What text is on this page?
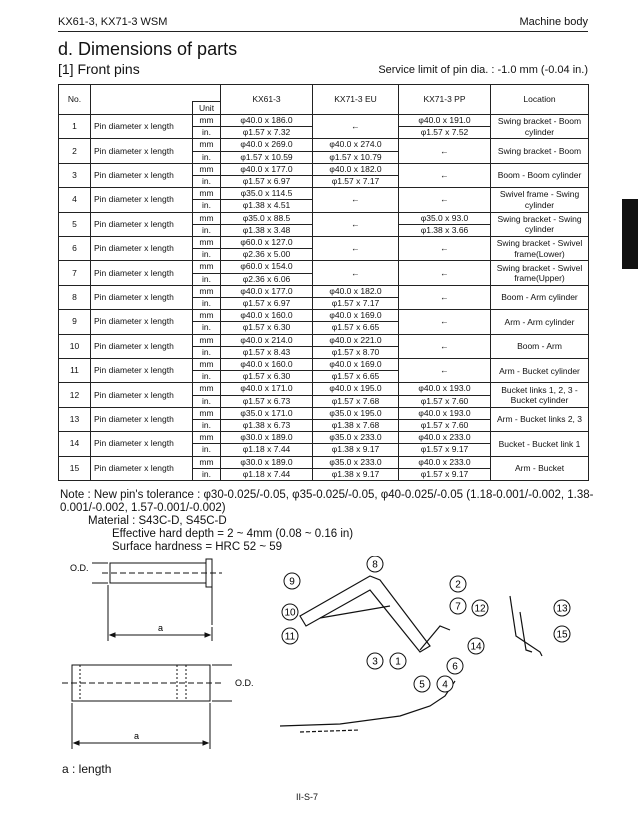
KX61-3, KX71-3 WSM	Machine body
d. Dimensions of parts
[1] Front pins	Service limit of pin dia. : -1.0 mm (-0.04 in.)
No.	Unit		KX61-3	KX71-3 EU	KX71-3 PP	Location
1	Pin diameter x length	mm	φ40.0 x 186.0	←	φ40.0 x 191.0	Swing bracket - Boom cylinder
		in.	φ1.57 x 7.32		φ1.57 x 7.52	
2	Pin diameter x length	mm	φ40.0 x 269.0	φ40.0 x 274.0	←	Swing bracket - Boom
		in.	φ1.57 x 10.59	φ1.57 x 10.79		
3	Pin diameter x length	mm	φ40.0 x 177.0	φ40.0 x 182.0	←	Boom - Boom cylinder
		in.	φ1.57 x 6.97	φ1.57 x 7.17		
4	Pin diameter x length	mm	φ35.0 x 114.5	←	←	Swivel frame - Swing cylinder
		in.	φ1.38 x 4.51			
5	Pin diameter x length	mm	φ35.0 x 88.5	←	φ35.0 x 93.0	Swing bracket - Swing cylinder
		in.	φ1.38 x 3.48		φ1.38 x 3.66	
6	Pin diameter x length	mm	φ60.0 x 127.0	←	←	Swing bracket - Swivel frame(Lower)
		in.	φ2.36 x 5.00			
7	Pin diameter x length	mm	φ60.0 x 154.0	←	←	Swing bracket - Swivel frame(Upper)
		in.	φ2.36 x 6.06			
8	Pin diameter x length	mm	φ40.0 x 177.0	φ40.0 x 182.0	←	Boom - Arm cylinder
		in.	φ1.57 x 6.97	φ1.57 x 7.17		
9	Pin diameter x length	mm	φ40.0 x 160.0	φ40.0 x 169.0	←	Arm - Arm cylinder
		in.	φ1.57 x 6.30	φ1.57 x 6.65		
10	Pin diameter x length	mm	φ40.0 x 214.0	φ40.0 x 221.0	←	Boom - Arm
		in.	φ1.57 x 8.43	φ1.57 x 8.70		
11	Pin diameter x length	mm	φ40.0 x 160.0	φ40.0 x 169.0	←	Arm - Bucket cylinder
		in.	φ1.57 x 6.30	φ1.57 x 6.65		
12	Pin diameter x length	mm	φ40.0 x 171.0	φ40.0 x 195.0	φ40.0 x 193.0	Bucket links 1, 2, 3 - Bucket cylinder
		in.	φ1.57 x 6.73	φ1.57 x 7.68	φ1.57 x 7.60	
13	Pin diameter x length	mm	φ35.0 x 171.0	φ35.0 x 195.0	φ40.0 x 193.0	Arm - Bucket links 2, 3
		in.	φ1.38 x 6.73	φ1.38 x 7.68	φ1.57 x 7.60	
14	Pin diameter x length	mm	φ30.0 x 189.0	φ35.0 x 233.0	φ40.0 x 233.0	Bucket - Bucket link 1
		in.	φ1.18 x 7.44	φ1.38 x 9.17	φ1.57 x 9.17	
15	Pin diameter x length	mm	φ30.0 x 189.0	φ35.0 x 233.0	φ40.0 x 233.0	Arm - Bucket
		in.	φ1.18 x 7.44	φ1.38 x 9.17	φ1.57 x 9.17	
Note : New pin's tolerance : φ30-0.025/-0.05, φ35-0.025/-0.05, φ40-0.025/-0.05 (1.18-0.001/-0.002, 1.38-0.001/-0.002, 1.57-0.001/-0.002)
Material : S43C-D, S45C-D
Effective hard depth = 2 ~ 4mm (0.08 ~ 0.16 in)
Surface hardness = HRC 52 ~ 59
O.D.
a
O.D.
a
1
2
3
4
5
6
7
8
9
10
11
12	13
14
15
a : length
II-S-7
